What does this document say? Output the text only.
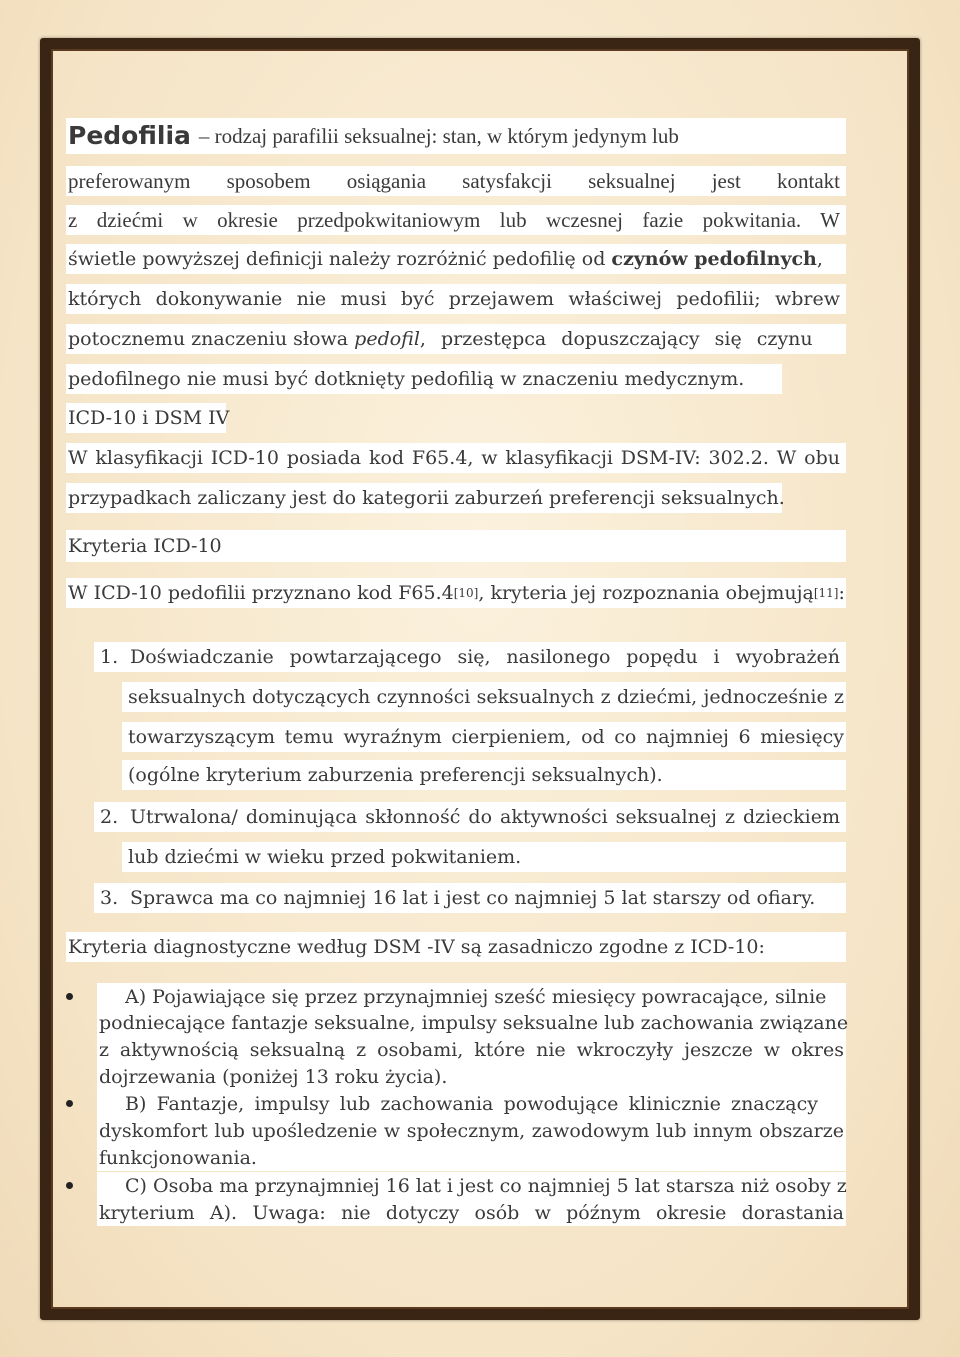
Pedofilia – rodzaj parafilii seksualnej: stan, w którym jedynym lub
preferowanym sposobem osiągania satysfakcji seksualnej jest kontakt
z dziećmi w okresie przedpokwitaniowym lub wczesnej fazie pokwitania. W
świetle powyższej definicji należy rozróżnić pedofilię od czynów pedofilnych ,
których dokonywanie nie musi być przejawem właściwej pedofilii; wbrew
potocznemu znaczeniu słowa pedofil , przestępca dopuszczający się czynu
pedofilnego nie musi być dotknięty pedofilią w znaczeniu medycznym.
ICD-10 i DSM IV
W klasyfikacji ICD-10 posiada kod F65.4, w klasyfikacji DSM-IV: 302.2. W obu
przypadkach zaliczany jest do kategorii zaburzeń preferencji seksualnych.
Kryteria ICD-10
W ICD-10 pedofilii przyznano kod F65.4 [10] , kryteria jej rozpoznania obejmują [11] :
1. Doświadczanie powtarzającego się, nasilonego popędu i wyobrażeń
seksualnych dotyczących czynności seksualnych z dziećmi, jednocześnie z
towarzyszącym temu wyraźnym cierpieniem, od co najmniej 6 miesięcy
(ogólne kryterium zaburzenia preferencji seksualnych).
2. Utrwalona/ dominująca skłonność do aktywności seksualnej z dzieckiem
lub dziećmi w wieku przed pokwitaniem.
3. Sprawca ma co najmniej 16 lat i jest co najmniej 5 lat starszy od ofiary.
Kryteria diagnostyczne według DSM -IV są zasadniczo zgodne z ICD-10:
A) Pojawiające się przez przynajmniej sześć miesięcy powracające, silnie
podniecające fantazje seksualne, impulsy seksualne lub zachowania związane
z aktywnością seksualną z osobami, które nie wkroczyły jeszcze w okres
dojrzewania (poniżej 13 roku życia).
B) Fantazje, impulsy lub zachowania powodujące klinicznie znaczący
dyskomfort lub upośledzenie w społecznym, zawodowym lub innym obszarze
funkcjonowania.
C) Osoba ma przynajmniej 16 lat i jest co najmniej 5 lat starsza niż osoby z
kryterium A). Uwaga: nie dotyczy osób w późnym okresie dorastania
